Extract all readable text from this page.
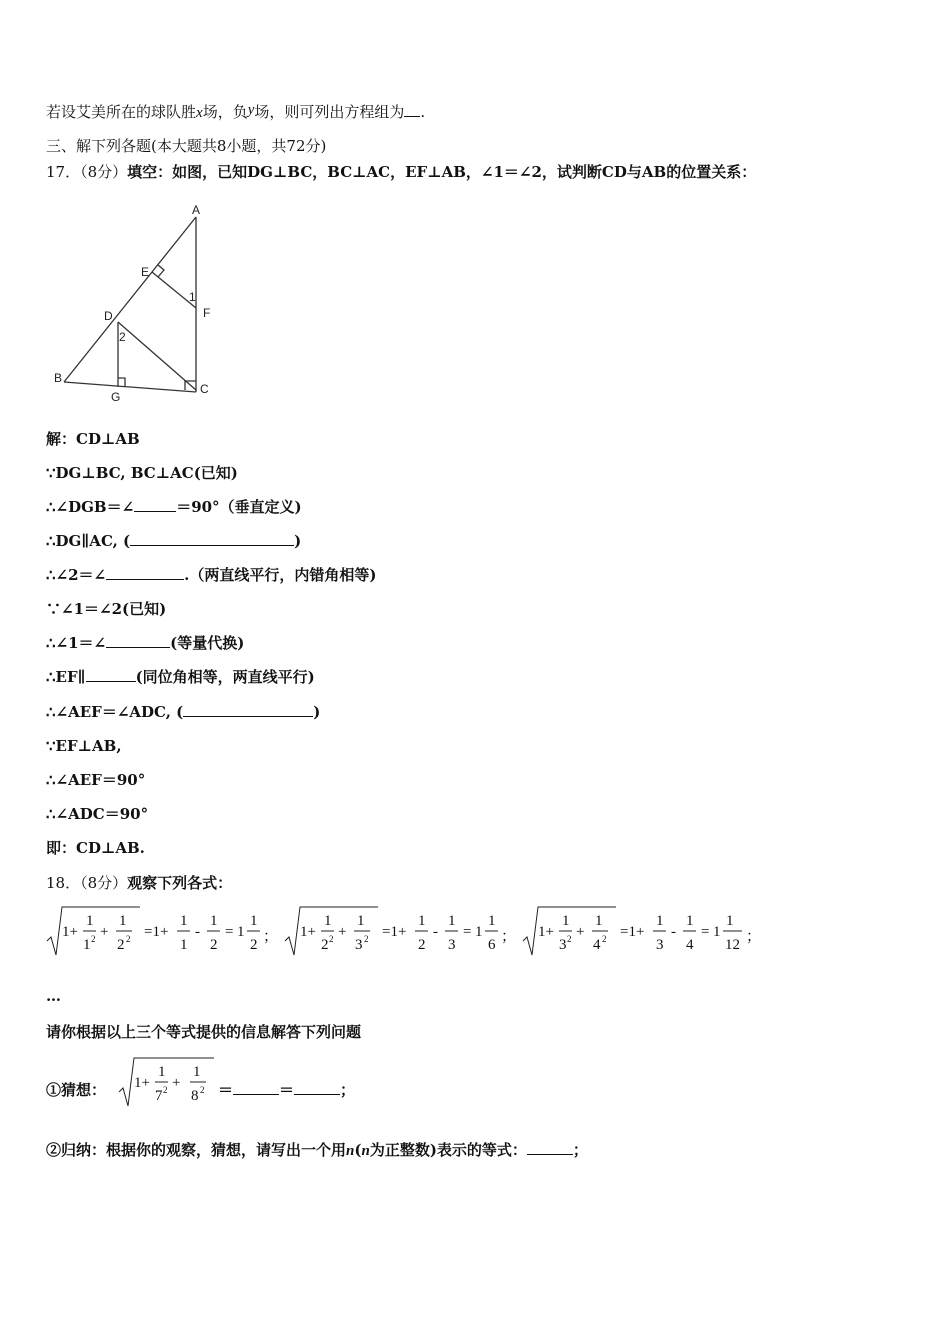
若设艾美所在的球队胜x场，负y场，则可列出方程组为 .
三、解下列各题(本大题共8小题，共72分)
17．（8分）填空：如图，已知DG⊥BC，BC⊥AC，EF⊥AB，∠1＝∠2，试判断CD与AB的位置关系：
A
E
1
F
D
2
B
C
G
解：CD⊥AB
∵DG⊥BC, BC⊥AC(已知)
∴∠DGB＝∠	＝90°（垂直定义)
∴DG∥AC, (	)
∴∠2＝∠	.（两直线平行，内错角相等)
∵∠1＝∠2(已知)
∴∠1＝∠	(等量代换)
∴EF∥	(同位角相等，两直线平行)
∴∠AEF＝∠ADC, (	)
∵EF⊥AB,
∴∠AEF＝90°
∴∠ADC＝90°
即：CD⊥AB.
18．（8分）观察下列各式：
1+
1
1 2 +
1
2 2 =1+
1
1
-
1
2
= 1
1
2 ； 1+
1
2 2 +
1
3 2 =1+
1
2
-
1
3
= 1
1
6 ； 1+
1
3 2 +
1
4 2 =1+
1
3
-
1
4
= 1
1
12 ；
…
请你根据以上三个等式提供的信息解答下列问题
①猜想： 1+
1
7 2 +
1
8 2 ＝	＝	；
②归纳：根据你的观察，猜想，请写出一个用n(n为正整数)表示的等式：	；
